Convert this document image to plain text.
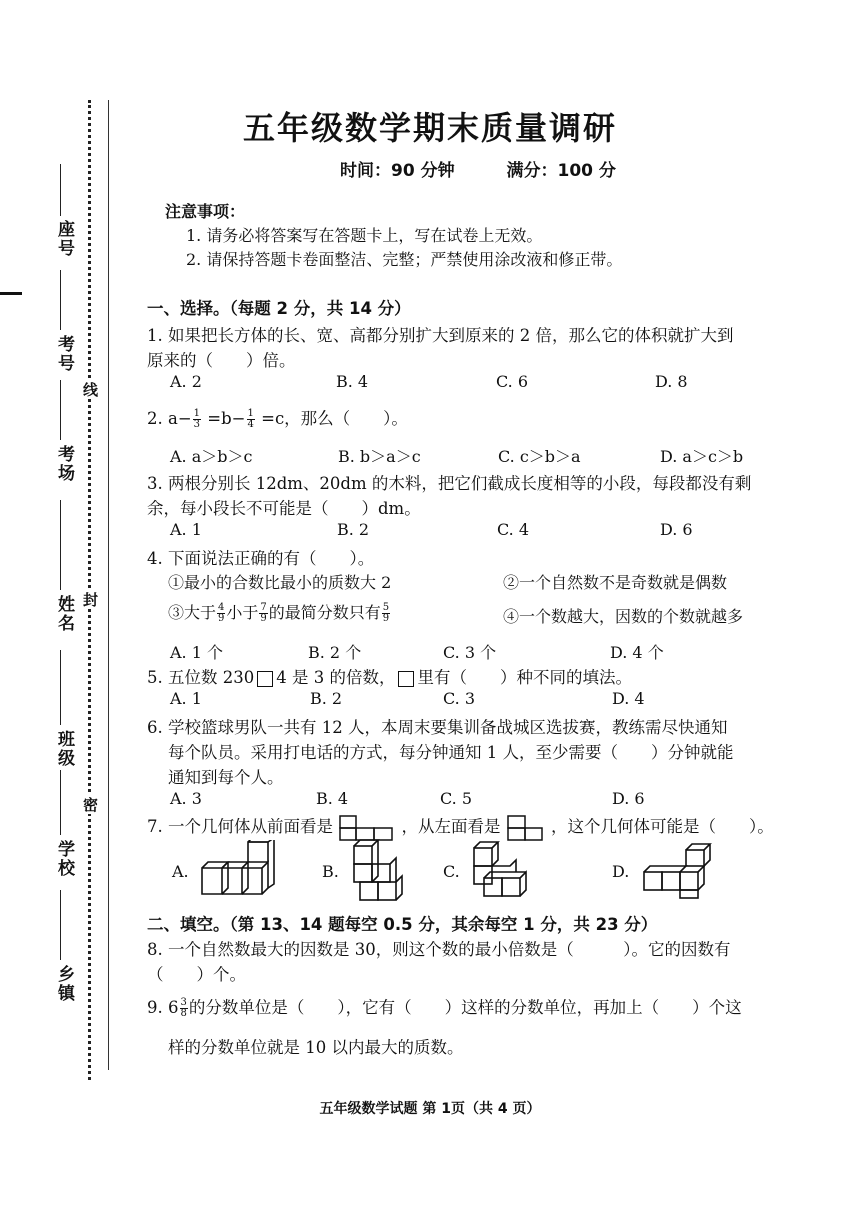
座号
考号
考场
姓名
班级
学校
乡镇
线
封
密
五年级数学期末质量调研
时间：90 分钟	满分：100 分
注意事项：
1. 请务必将答案写在答题卡上，写在试卷上无效。
2. 请保持答题卡卷面整洁、完整；严禁使用涂改液和修正带。
一、选择。（每题 2 分，共 14 分）
1. 如果把长方体的长、宽、高都分别扩大到原来的 2 倍，那么它的体积就扩大到
原来的（　　）倍。
A. 2	B. 4	C. 6	D. 8
2. $a- \frac{1}{3} =b- \frac{1}{4} =c$，那么（　　）。
A. a＞b＞c	B. b＞a＞c	C. c＞b＞a	D. a＞c＞b
3. 两根分别长 12dm、20dm 的木料，把它们截成长度相等的小段，每段都没有剩
余，每小段长不可能是（　　）dm。
A. 1	B. 2	C. 4	D. 6
4. 下面说法正确的有（　　）。
①最小的合数比最小的质数大 2	②一个自然数不是奇数就是偶数
③大于 $\frac{4}{9}$ 小于 $\frac{7}{9}$ 的最简分数只有 $\frac{5}{9}$	④一个数越大，因数的个数就越多
A. 1 个	B. 2 个	C. 3 个	D. 4 个
5. 五位数 230 4 是 3 的倍数， 里有（　　）种不同的填法。
A. 1	B. 2	C. 3	D. 4
6. 学校篮球男队一共有 12 人，本周末要集训备战城区选拔赛，教练需尽快通知
每个队员。采用打电话的方式，每分钟通知 1 人，至少需要（　　）分钟就能
通知到每个人。
A. 3	B. 4	C. 5	D. 6
7. 一个几何体从前面看是	，从左面看是	，这个几何体可能是（　　）。
A.	B.	C.	D.
二、填空。（第 13、14 题每空 0.5 分，其余每空 1 分，共 23 分）
8. 一个自然数最大的因数是 30，则这个数的最小倍数是（　　　）。它的因数有
（　　）个。
9. $6 \frac{3}{8}$ 的分数单位是（　　），它有（　　）这样的分数单位，再加上（　　）个这
样的分数单位就是 10 以内最大的质数。
五年级数学试题 第 1页（共 4 页）
